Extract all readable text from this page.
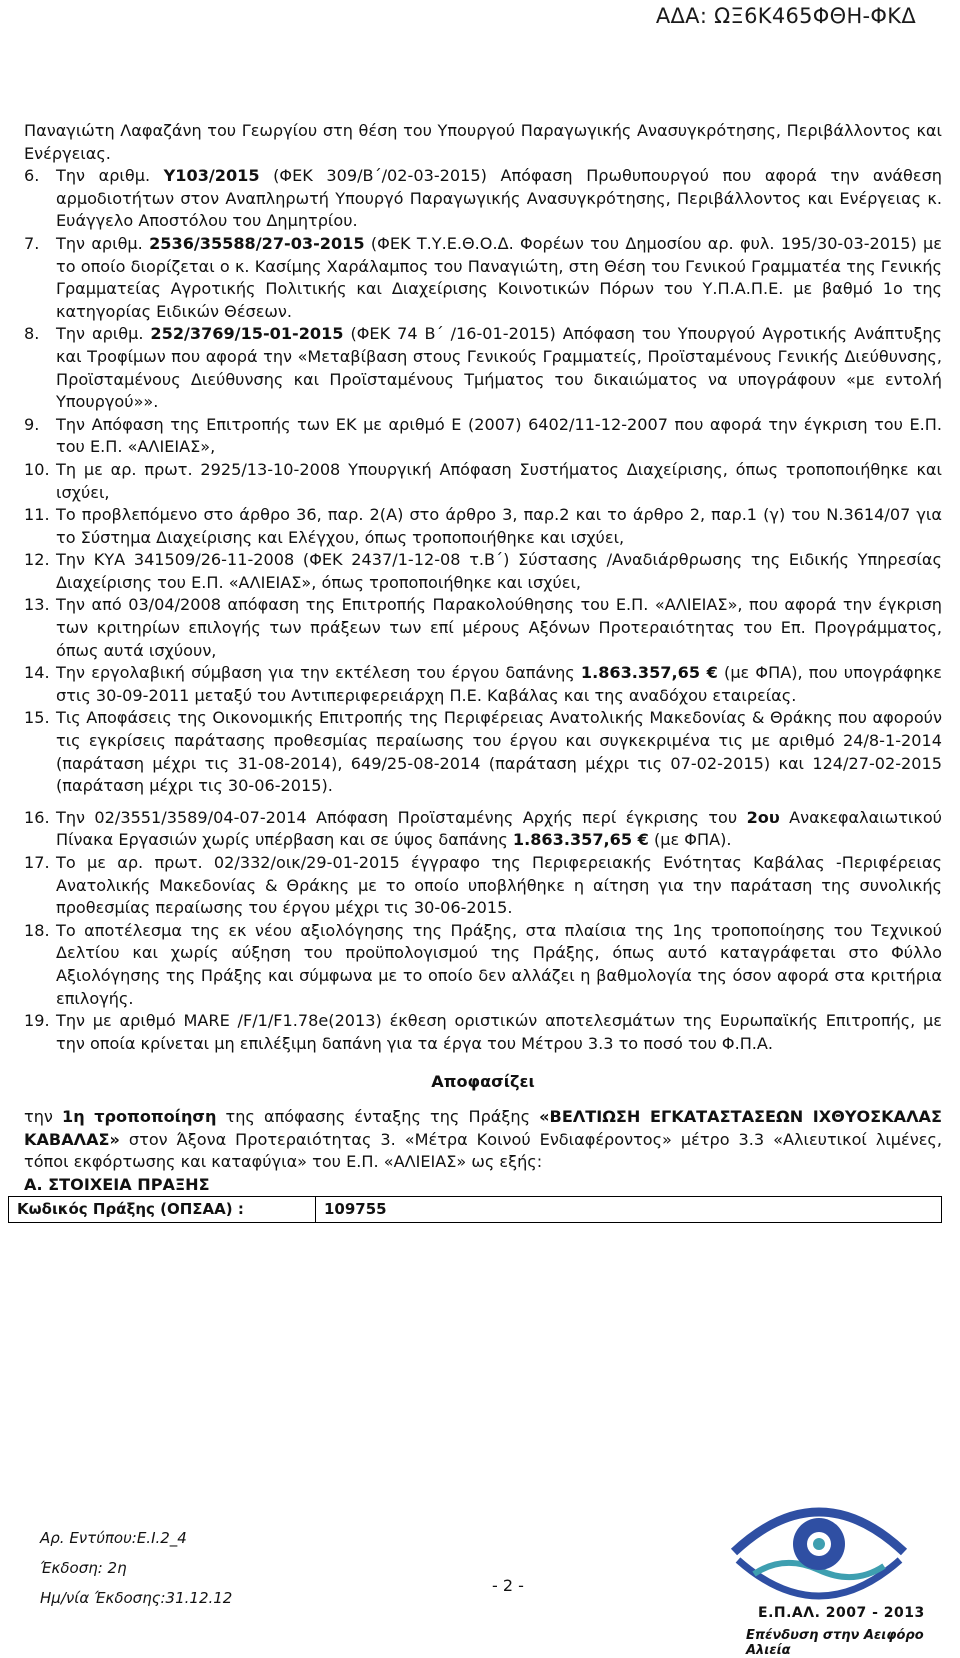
ΑΔΑ: ΩΞ6Κ465ΦΘΗ-ΦΚΔ

Παναγιώτη Λαφαζάνη του Γεωργίου στη θέση του Υπουργού Παραγωγικής Ανασυγκρότησης, Περιβάλλοντος και Ενέργειας.

6. Την αριθμ. Υ103/2015 (ΦΕΚ 309/Β΄/02-03-2015) Απόφαση Πρωθυπουργού που αφορά την ανάθεση αρμοδιοτήτων στον Αναπληρωτή Υπουργό Παραγωγικής Ανασυγκρότησης, Περιβάλλοντος και Ενέργειας κ. Ευάγγελο Αποστόλου του Δημητρίου.
7. Την αριθμ. 2536/35588/27-03-2015 (ΦΕΚ Τ.Υ.Ε.Θ.Ο.Δ. Φορέων του Δημοσίου αρ. φυλ. 195/30-03-2015) με το οποίο διορίζεται ο κ. Κασίμης Χαράλαμπος του Παναγιώτη, στη Θέση του Γενικού Γραμματέα της Γενικής Γραμματείας Αγροτικής Πολιτικής και Διαχείρισης Κοινοτικών Πόρων του Υ.Π.Α.Π.Ε. με βαθμό 1ο της κατηγορίας Ειδικών Θέσεων.
8. Την αριθμ. 252/3769/15-01-2015 (ΦΕΚ 74 Β΄ /16-01-2015) Απόφαση του Υπουργού Αγροτικής Ανάπτυξης και Τροφίμων που αφορά την «Μεταβίβαση στους Γενικούς Γραμματείς, Προϊσταμένους Γενικής Διεύθυνσης, Προϊσταμένους Διεύθυνσης και Προϊσταμένους Τμήματος του δικαιώματος να υπογράφουν «με εντολή Υπουργού»».
9. Την Απόφαση της Επιτροπής των ΕΚ με αριθμό Ε (2007) 6402/11-12-2007 που αφορά την έγκριση του Ε.Π. του Ε.Π. «ΑΛΙΕΙΑΣ»,
10. Τη με αρ. πρωτ. 2925/13-10-2008 Υπουργική Απόφαση Συστήματος Διαχείρισης, όπως τροποποιήθηκε και ισχύει,
11. Το προβλεπόμενο στο άρθρο 36, παρ. 2(Α) στο άρθρο 3, παρ.2 και το άρθρο 2, παρ.1 (γ) του Ν.3614/07 για το Σύστημα Διαχείρισης και Ελέγχου, όπως τροποποιήθηκε και ισχύει,
12. Την ΚΥΑ 341509/26-11-2008 (ΦΕΚ 2437/1-12-08 τ.Β΄) Σύστασης /Αναδιάρθρωσης της Ειδικής Υπηρεσίας Διαχείρισης του Ε.Π. «ΑΛΙΕΙΑΣ», όπως τροποποιήθηκε και ισχύει,
13. Την από 03/04/2008 απόφαση της Επιτροπής Παρακολούθησης του Ε.Π. «ΑΛΙΕΙΑΣ», που αφορά την έγκριση των κριτηρίων επιλογής των πράξεων των επί μέρους Αξόνων Προτεραιότητας του Επ. Προγράμματος, όπως αυτά ισχύουν,
14. Την εργολαβική σύμβαση για την εκτέλεση του έργου δαπάνης 1.863.357,65 € (με ΦΠΑ), που υπογράφηκε στις 30-09-2011 μεταξύ του Αντιπεριφερειάρχη Π.Ε. Καβάλας και της αναδόχου εταιρείας.
15. Τις Αποφάσεις της Οικονομικής Επιτροπής της Περιφέρειας Ανατολικής Μακεδονίας & Θράκης που αφορούν τις εγκρίσεις παράτασης προθεσμίας περαίωσης του έργου και συγκεκριμένα τις με αριθμό 24/8-1-2014 (παράταση μέχρι τις 31-08-2014), 649/25-08-2014 (παράταση μέχρι τις 07-02-2015) και 124/27-02-2015 (παράταση μέχρι τις 30-06-2015).
16. Την 02/3551/3589/04-07-2014 Απόφαση Προϊσταμένης Αρχής περί έγκρισης του 2ου Ανακεφαλαιωτικού Πίνακα Εργασιών χωρίς υπέρβαση και σε ύψος δαπάνης 1.863.357,65 € (με ΦΠΑ).
17. Το με αρ. πρωτ. 02/332/οικ/29-01-2015 έγγραφο της Περιφερειακής Ενότητας Καβάλας -Περιφέρειας Ανατολικής Μακεδονίας & Θράκης με το οποίο υποβλήθηκε η αίτηση για την παράταση της συνολικής προθεσμίας περαίωσης του έργου μέχρι τις 30-06-2015.
18. Το αποτέλεσμα της εκ νέου αξιολόγησης της Πράξης, στα πλαίσια της 1ης τροποποίησης του Τεχνικού Δελτίου και χωρίς αύξηση του προϋπολογισμού της Πράξης, όπως αυτό καταγράφεται στο Φύλλο Αξιολόγησης της Πράξης και σύμφωνα με το οποίο δεν αλλάζει η βαθμολογία της όσον αφορά στα κριτήρια επιλογής.
19. Την με αριθμό MARE /F/1/F1.78e(2013) έκθεση οριστικών αποτελεσμάτων της Ευρωπαϊκής Επιτροπής, με την οποία κρίνεται μη επιλέξιμη δαπάνη για τα έργα του Μέτρου 3.3 το ποσό του Φ.Π.Α.
Αποφασίζει

την 1η τροποποίηση της απόφασης ένταξης της Πράξης «ΒΕΛΤΙΩΣΗ ΕΓΚΑΤΑΣΤΑΣΕΩΝ ΙΧΘΥΟΣΚΑΛΑΣ ΚΑΒΑΛΑΣ» στον Άξονα Προτεραιότητας 3. «Μέτρα Κοινού Ενδιαφέροντος» μέτρο 3.3 «Αλιευτικοί λιμένες, τόποι εκφόρτωσης και καταφύγια» του Ε.Π. «ΑΛΙΕΙΑΣ» ως εξής:

Α. ΣΤΟΙΧΕΙΑ ΠΡΑΞΗΣ

Κωδικός Πράξης (ΟΠΣΑΑ) :	109755
Αρ. Εντύπου:Ε.Ι.2_4
Έκδοση: 2η
Ημ/νία Έκδοσης:31.12.12
- 2 -
Ε.Π.ΑΛ. 2007 - 2013
Επένδυση στην Αειφόρο Αλιεία
